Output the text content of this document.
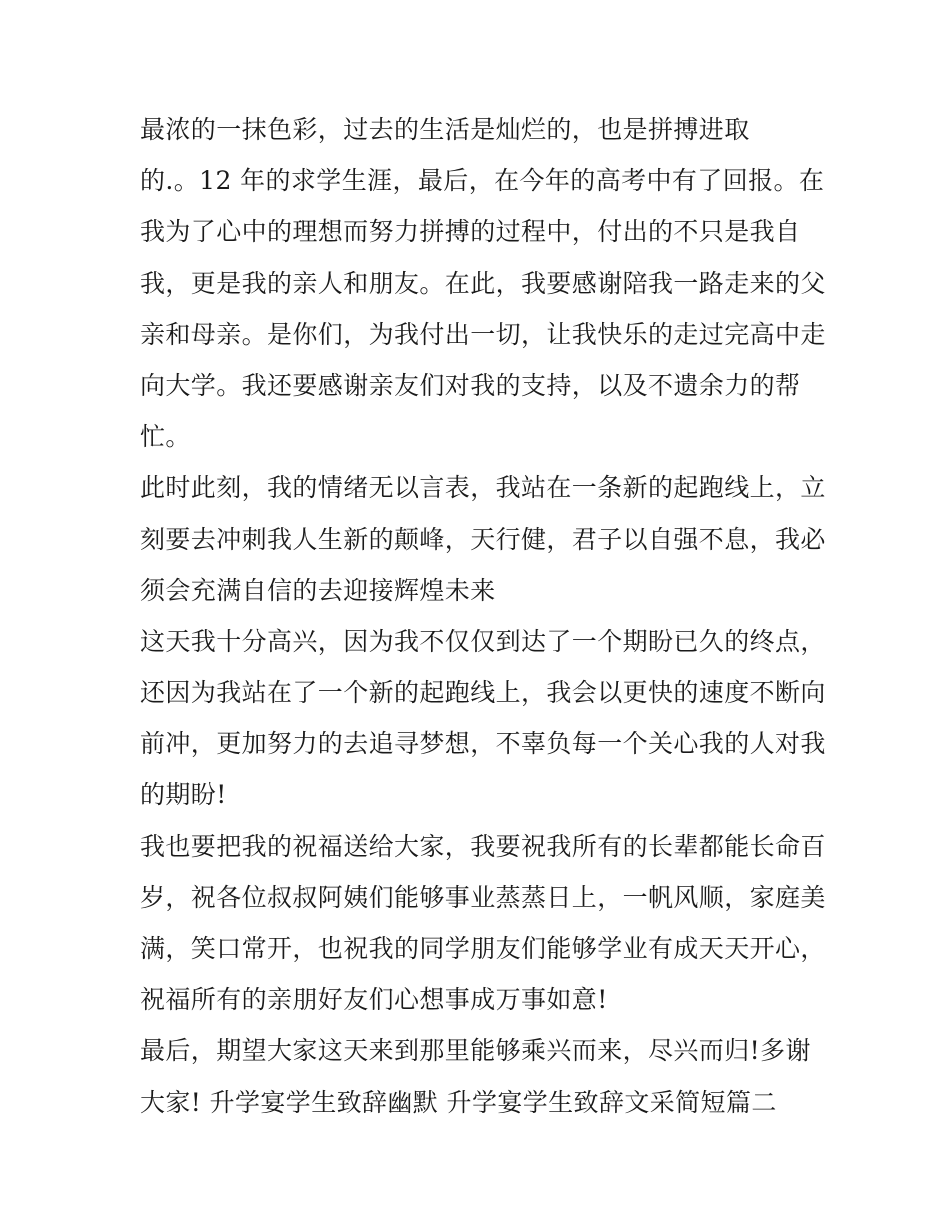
最浓的一抹色彩，过去的生活是灿烂的，也是拼搏进取
的.。12 年的求学生涯，最后，在今年的高考中有了回报。在
我为了心中的理想而努力拼搏的过程中，付出的不只是我自
我，更是我的亲人和朋友。在此，我要感谢陪我一路走来的父
亲和母亲。是你们，为我付出一切，让我快乐的走过完高中走
向大学。我还要感谢亲友们对我的支持，以及不遗余力的帮
忙。
此时此刻，我的情绪无以言表，我站在一条新的起跑线上，立
刻要去冲刺我人生新的颠峰，天行健，君子以自强不息，我必
须会充满自信的去迎接辉煌未来
这天我十分高兴，因为我不仅仅到达了一个期盼已久的终点，
还因为我站在了一个新的起跑线上，我会以更快的速度不断向
前冲，更加努力的去追寻梦想，不辜负每一个关心我的人对我
的期盼!
我也要把我的祝福送给大家，我要祝我所有的长辈都能长命百
岁，祝各位叔叔阿姨们能够事业蒸蒸日上，一帆风顺，家庭美
满，笑口常开，也祝我的同学朋友们能够学业有成天天开心，
祝福所有的亲朋好友们心想事成万事如意!
最后，期望大家这天来到那里能够乘兴而来，尽兴而归!多谢
大家! 升学宴学生致辞幽默 升学宴学生致辞文采简短篇二
